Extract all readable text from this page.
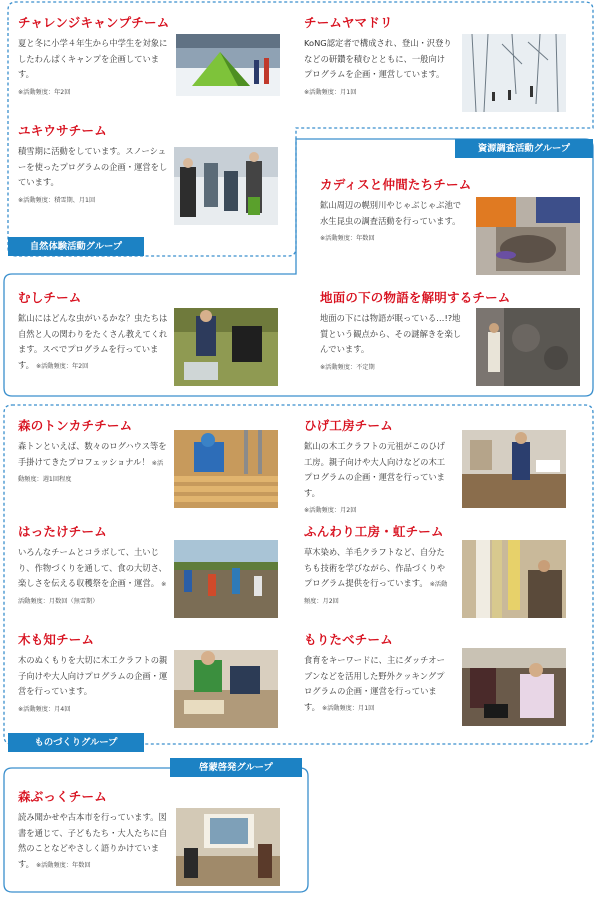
自然体験活動グループ
資源調査活動グループ
ものづくりグループ
啓蒙啓発グループ
チャレンジキャンプチーム

夏と冬に小学４年生から中学生を対象にしたわんぱくキャンプを企画しています。
※活動頻度：年2回

チームヤマドリ

KoNG認定者で構成され、登山・沢登りなどの研鑽を積むとともに、一般向けプログラムを企画・運営しています。
※活動頻度：月1回

ユキウサチーム

積雪期に活動をしています。スノーシューを使ったプログラムの企画・運営をしています。
※活動頻度：積雪期、月1回

カディスと仲間たちチーム

鉱山周辺の幌別川やじゃぶじゃぶ池で水生昆虫の調査活動を行っています。
※活動頻度：年数回

むしチーム

鉱山にはどんな虫がいるかな？虫たちは自然と人の関わりをたくさん教えてくれます。スペでプログラムを行っています。 ※活動頻度：年2回

地面の下の物語を解明するチーム

地面の下には物語が眠っている…!?地質という観点から、その謎解きを楽しんでいます。
※活動頻度：不定期

森のトンカチチーム

森トンといえば、数々のログハウス等を手掛けてきたプロフェッショナル！ ※活動頻度：週1回程度

ひげ工房チーム

鉱山の木工クラフトの元祖がこのひげ工房。親子向けや大人向けなどの木工プログラムの企画・運営を行っています。
※活動頻度：月2回

はったけチーム

いろんなチームとコラボして、土いじり、作物づくりを通して、食の大切さ、楽しさを伝える収穫祭を企画・運営。 ※活動頻度：月数回（無雪期）

ふんわり工房・虹チーム

草木染め、羊毛クラフトなど、自分たちも技術を学びながら、作品づくりやプログラム提供を行っています。 ※活動頻度：月2回

木も知チーム

木のぬくもりを大切に木工クラフトの親子向けや大人向けプログラムの企画・運営を行っています。
※活動頻度：月4回

もりたべチーム

食育をキーワードに、主にダッチオーブンなどを活用した野外クッキングプログラムの企画・運営を行っています。 ※活動頻度：月1回

森ぶっくチーム

読み聞かせや古本市を行っています。図書を通じて、子どもたち・大人たちに自然のことなどやさしく語りかけています。 ※活動頻度：年数回
